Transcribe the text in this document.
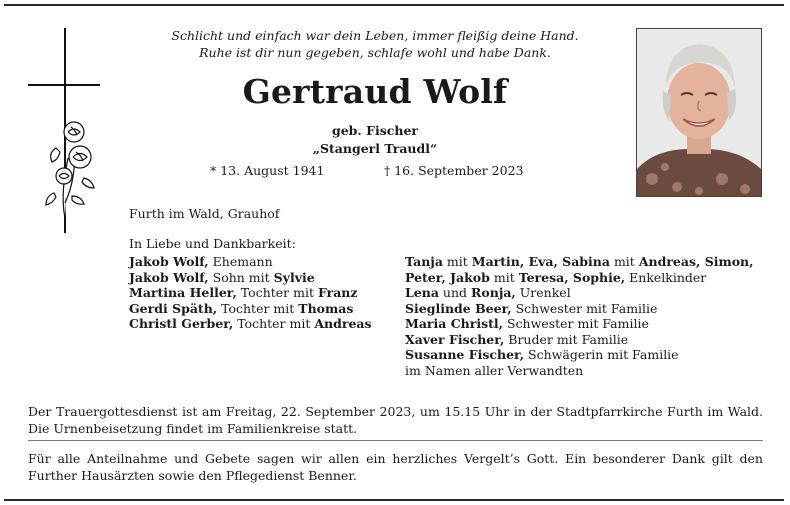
Schlicht und einfach war dein Leben, immer fleißig deine Hand.
Ruhe ist dir nun gegeben, schlafe wohl und habe Dank.
Gertraud Wolf
geb. Fischer
„Stangerl Traudl“
* 13. August 1941	† 16. September 2023
Furth im Wald, Grauhof
In Liebe und Dankbarkeit:
Jakob Wolf, Ehemann
Jakob Wolf, Sohn mit Sylvie
Martina Heller, Tochter mit Franz
Gerdi Späth, Tochter mit Thomas
Christl Gerber, Tochter mit Andreas
Tanja mit Martin, Eva, Sabina mit Andreas, Simon,
Peter, Jakob mit Teresa, Sophie, Enkelkinder
Lena und Ronja, Urenkel
Sieglinde Beer, Schwester mit Familie
Maria Christl, Schwester mit Familie
Xaver Fischer, Bruder mit Familie
Susanne Fischer, Schwägerin mit Familie
im Namen aller Verwandten
Der Trauergottesdienst ist am Freitag, 22. September 2023, um 15.15 Uhr in der Stadtpfarrkirche Furth im Wald. Die Urnenbeisetzung findet im Familienkreise statt.
Für alle Anteilnahme und Gebete sagen wir allen ein herzliches Vergelt’s Gott. Ein besonderer Dank gilt den Further Hausärzten sowie den Pflegedienst Benner.
